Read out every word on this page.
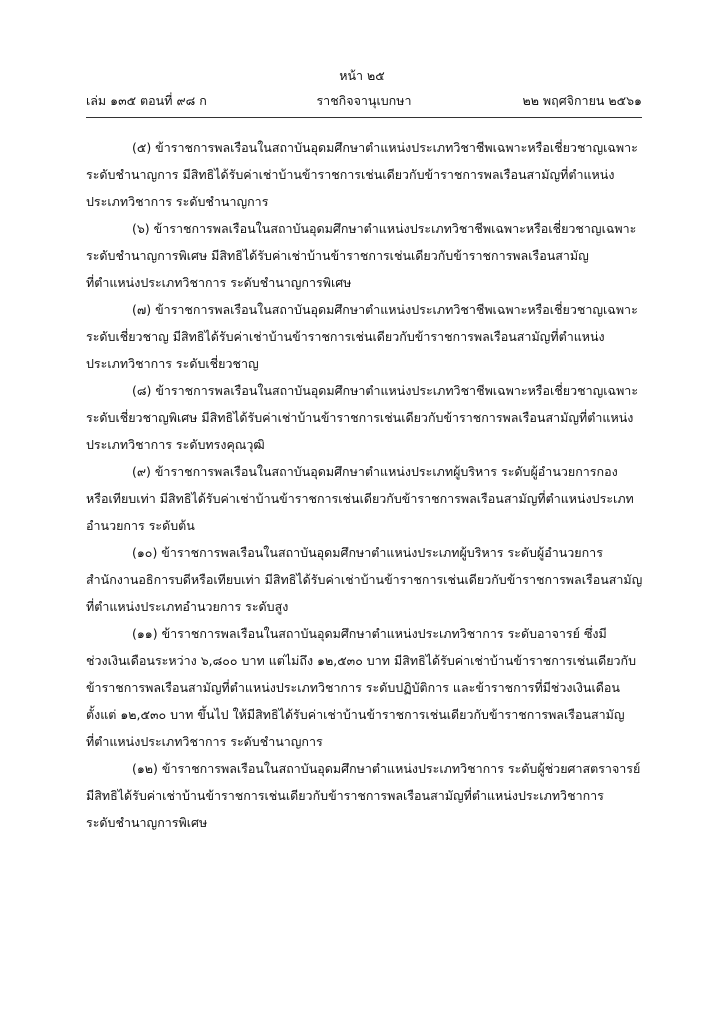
หน้า ๒๕
เล่ม ๑๓๕ ตอนที่ ๙๘ ก	ราชกิจจานุเบกษา	๒๒ พฤศจิกายน ๒๕๖๑
(๕) ข้าราชการพลเรือนในสถาบันอุดมศึกษาตำแหน่งประเภทวิชาชีพเฉพาะหรือเชี่ยวชาญเฉพาะ
ระดับชำนาญการ มีสิทธิได้รับค่าเช่าบ้านข้าราชการเช่นเดียวกับข้าราชการพลเรือนสามัญที่ตำแหน่ง
ประเภทวิชาการ ระดับชำนาญการ
(๖) ข้าราชการพลเรือนในสถาบันอุดมศึกษาตำแหน่งประเภทวิชาชีพเฉพาะหรือเชี่ยวชาญเฉพาะ
ระดับชำนาญการพิเศษ มีสิทธิได้รับค่าเช่าบ้านข้าราชการเช่นเดียวกับข้าราชการพลเรือนสามัญ
ที่ตำแหน่งประเภทวิชาการ ระดับชำนาญการพิเศษ
(๗) ข้าราชการพลเรือนในสถาบันอุดมศึกษาตำแหน่งประเภทวิชาชีพเฉพาะหรือเชี่ยวชาญเฉพาะ
ระดับเชี่ยวชาญ มีสิทธิได้รับค่าเช่าบ้านข้าราชการเช่นเดียวกับข้าราชการพลเรือนสามัญที่ตำแหน่ง
ประเภทวิชาการ ระดับเชี่ยวชาญ
(๘) ข้าราชการพลเรือนในสถาบันอุดมศึกษาตำแหน่งประเภทวิชาชีพเฉพาะหรือเชี่ยวชาญเฉพาะ
ระดับเชี่ยวชาญพิเศษ มีสิทธิได้รับค่าเช่าบ้านข้าราชการเช่นเดียวกับข้าราชการพลเรือนสามัญที่ตำแหน่ง
ประเภทวิชาการ ระดับทรงคุณวุฒิ
(๙) ข้าราชการพลเรือนในสถาบันอุดมศึกษาตำแหน่งประเภทผู้บริหาร ระดับผู้อำนวยการกอง
หรือเทียบเท่า มีสิทธิได้รับค่าเช่าบ้านข้าราชการเช่นเดียวกับข้าราชการพลเรือนสามัญที่ตำแหน่งประเภท
อำนวยการ ระดับต้น
(๑๐) ข้าราชการพลเรือนในสถาบันอุดมศึกษาตำแหน่งประเภทผู้บริหาร ระดับผู้อำนวยการ
สำนักงานอธิการบดีหรือเทียบเท่า มีสิทธิได้รับค่าเช่าบ้านข้าราชการเช่นเดียวกับข้าราชการพลเรือนสามัญ
ที่ตำแหน่งประเภทอำนวยการ ระดับสูง
(๑๑) ข้าราชการพลเรือนในสถาบันอุดมศึกษาตำแหน่งประเภทวิชาการ ระดับอาจารย์ ซึ่งมี
ช่วงเงินเดือนระหว่าง ๖,๘๐๐ บาท แต่ไม่ถึง ๑๒,๕๓๐ บาท มีสิทธิได้รับค่าเช่าบ้านข้าราชการเช่นเดียวกับ
ข้าราชการพลเรือนสามัญที่ตำแหน่งประเภทวิชาการ ระดับปฏิบัติการ และข้าราชการที่มีช่วงเงินเดือน
ตั้งแต่ ๑๒,๕๓๐ บาท ขึ้นไป ให้มีสิทธิได้รับค่าเช่าบ้านข้าราชการเช่นเดียวกับข้าราชการพลเรือนสามัญ
ที่ตำแหน่งประเภทวิชาการ ระดับชำนาญการ
(๑๒) ข้าราชการพลเรือนในสถาบันอุดมศึกษาตำแหน่งประเภทวิชาการ ระดับผู้ช่วยศาสตราจารย์
มีสิทธิได้รับค่าเช่าบ้านข้าราชการเช่นเดียวกับข้าราชการพลเรือนสามัญที่ตำแหน่งประเภทวิชาการ
ระดับชำนาญการพิเศษ
